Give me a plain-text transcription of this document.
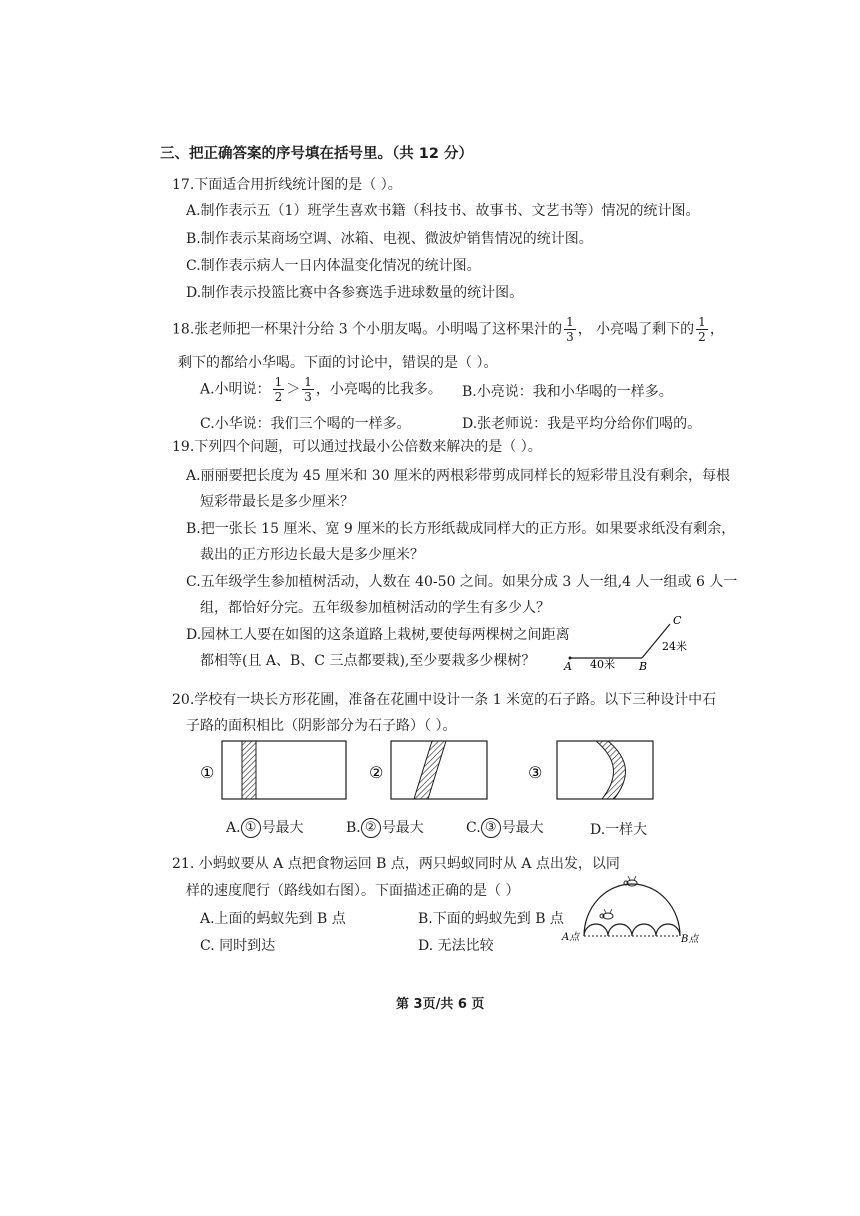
三、把正确答案的序号填在括号里。（共 12 分）
17.下面适合用折线统计图的是（ ）。
A.制作表示五（1）班学生喜欢书籍（科技书、故事书、文艺书等）情况的统计图。
B.制作表示某商场空调、冰箱、电视、微波炉销售情况的统计图。
C.制作表示病人一日内体温变化情况的统计图。
D.制作表示投篮比赛中各参赛选手进球数量的统计图。
18.张老师把一杯果汁分给 3 个小朋友喝。小明喝了这杯果汁的 $\frac{1}{3}$ ， 小亮喝了剩下的 $\frac{1}{2}$ ，
剩下的都给小华喝。下面的讨论中，错误的是（ ）。
A.小明说： $\frac{1}{2} > \frac{1}{3}$ ，小亮喝的比我多。 B.小亮说：我和小华喝的一样多。
C.小华说：我们三个喝的一样多。	D.张老师说：我是平均分给你们喝的。
19.下列四个问题，可以通过找最小公倍数来解决的是（ ）。
A.丽丽要把长度为 45 厘米和 30 厘米的两根彩带剪成同样长的短彩带且没有剩余，每根
短彩带最长是多少厘米？
B.把一张长 15 厘米、宽 9 厘米的长方形纸裁成同样大的正方形。如果要求纸没有剩余，
裁出的正方形边长最大是多少厘米？
C.五年级学生参加植树活动，人数在 40-50 之间。如果分成 3 人一组,4 人一组或 6 人一
组，都恰好分完。五年级参加植树活动的学生有多少人？
D.园林工人要在如图的这条道路上栽树,要使每两棵树之间距离
都相等(且 A、B、C 三点都要栽),至少要栽多少棵树？	A	B
C
40米
24米
20.学校有一块长方形花圃，准备在花圃中设计一条 1 米宽的石子路。以下三种设计中石
子路的面积相比（阴影部分为石子路）（ ）。
①	②	③
A. ① 号最大	B. ② 号最大	C. ③ 号最大	D.一样大
21. 小蚂蚁要从 A 点把食物运回 B 点，两只蚂蚁同时从 A 点出发，以同
样的速度爬行（路线如右图）。下面描述正确的是（ ）
A.上面的蚂蚁先到 B 点	B.下面的蚂蚁先到 B 点
C. 同时到达	D. 无法比较
A点	B点
第 3页/共 6 页
